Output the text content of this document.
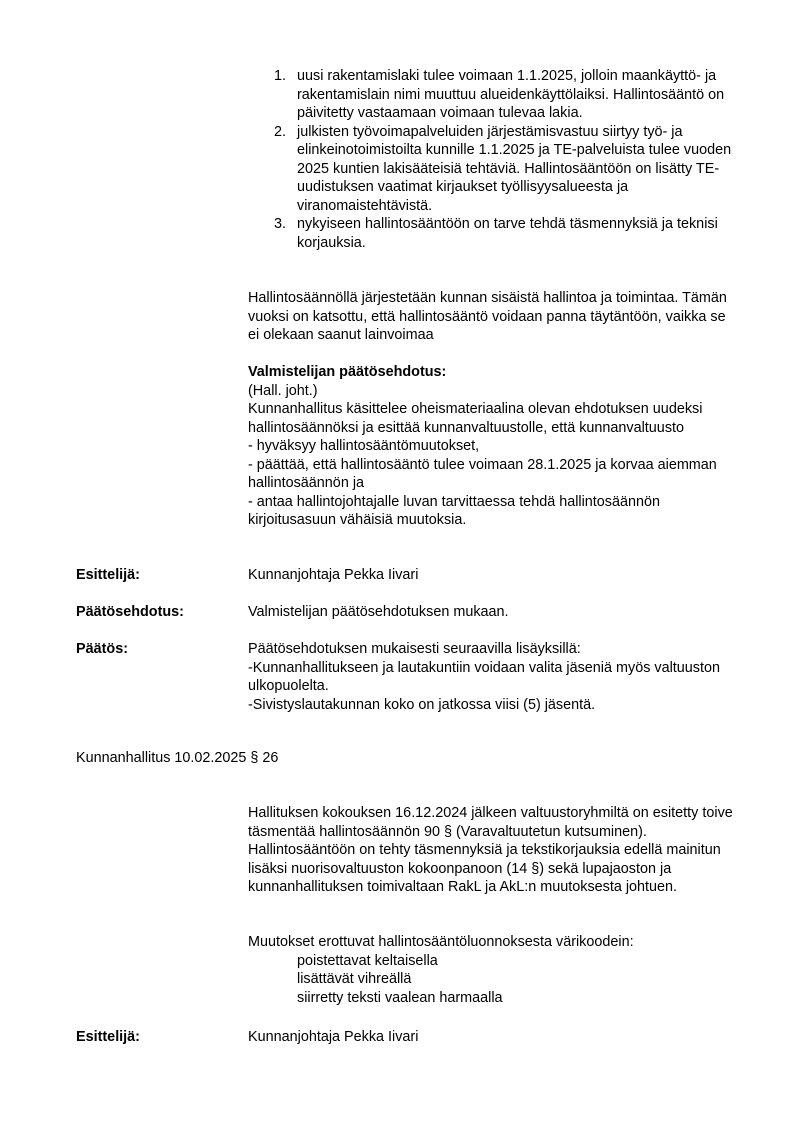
1. uusi rakentamislaki tulee voimaan 1.1.2025, jolloin maankäyttö- ja rakentamislain nimi muuttuu alueidenkäyttölaiksi. Hallintosääntö on päivitetty vastaamaan voimaan tulevaa lakia.
2. julkisten työvoimapalveluiden järjestämisvastuu siirtyy työ- ja elinkeinotoimistoilta kunnille 1.1.2025 ja TE-palveluista tulee vuoden 2025 kuntien lakisääteisiä tehtäviä. Hallintosääntöön on lisätty TE-uudistuksen vaatimat kirjaukset työllisyysalueesta ja viranomaistehtävistä.
3. nykyiseen hallintosääntöön on tarve tehdä täsmennyksiä ja teknisi korjauksia.
Hallintosäännöllä järjestetään kunnan sisäistä hallintoa ja toimintaa. Tämän vuoksi on katsottu, että hallintosääntö voidaan panna täytäntöön, vaikka se ei olekaan saanut lainvoimaa

Valmistelijan päätösehdotus:

(Hall. joht.)

Kunnanhallitus käsittelee oheismateriaalina olevan ehdotuksen uudeksi hallintosäännöksi ja esittää kunnanvaltuustolle, että kunnanvaltuusto

- hyväksyy hallintosääntömuutokset,

- päättää, että hallintosääntö tulee voimaan 28.1.2025 ja korvaa aiemman hallintosäännön ja

- antaa hallintojohtajalle luvan tarvittaessa tehdä hallintosäännön kirjoitusasuun vähäisiä muutoksia.

Esittelijä:	Kunnanjohtaja Pekka Iivari
Päätösehdotus:	Valmistelijan päätösehdotuksen mukaan.
Päätös:	Päätösehdotuksen mukaisesti seuraavilla lisäyksillä:

-Kunnanhallitukseen ja lautakuntiin voidaan valita jäseniä myös valtuuston ulkopuolelta.

-Sivistyslautakunnan koko on jatkossa viisi (5) jäsentä.

Kunnanhallitus 10.02.2025 § 26
Hallituksen kokouksen 16.12.2024 jälkeen valtuustoryhmiltä on esitetty toive täsmentää hallintosäännön 90 § (Varavaltuutetun kutsuminen). Hallintosääntöön on tehty täsmennyksiä ja tekstikorjauksia edellä mainitun lisäksi nuorisovaltuuston kokoonpanoon (14 §) sekä lupajaoston ja kunnanhallituksen toimivaltaan RakL ja AkL:n muutoksesta johtuen.

Muutokset erottuvat hallintosääntöluonnoksesta värikoodein:

poistettavat keltaisella

lisättävät vihreällä

siirretty teksti vaalean harmaalla

Esittelijä:	Kunnanjohtaja Pekka Iivari
